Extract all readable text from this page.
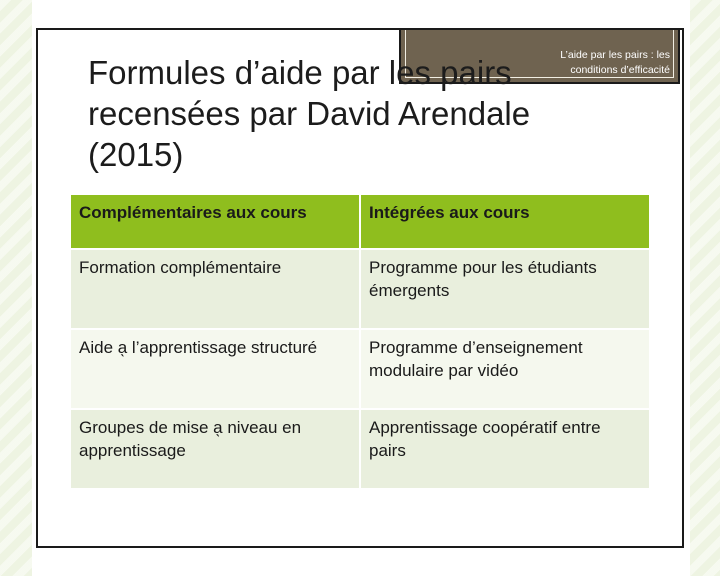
L’aide par les pairs : les
conditions d’efficacité
Formules d’aide par les pairs
recensées par David Arendale
(2015)
Complémentaires aux cours	Intégrées aux cours
Formation complémentaire	Programme pour les étudiants émergents
Aide a̖ l’apprentissage structuré	Programme d’enseignement modulaire par vidéo
Groupes de mise a̖ niveau en apprentissage	Apprentissage coopératif entre pairs
